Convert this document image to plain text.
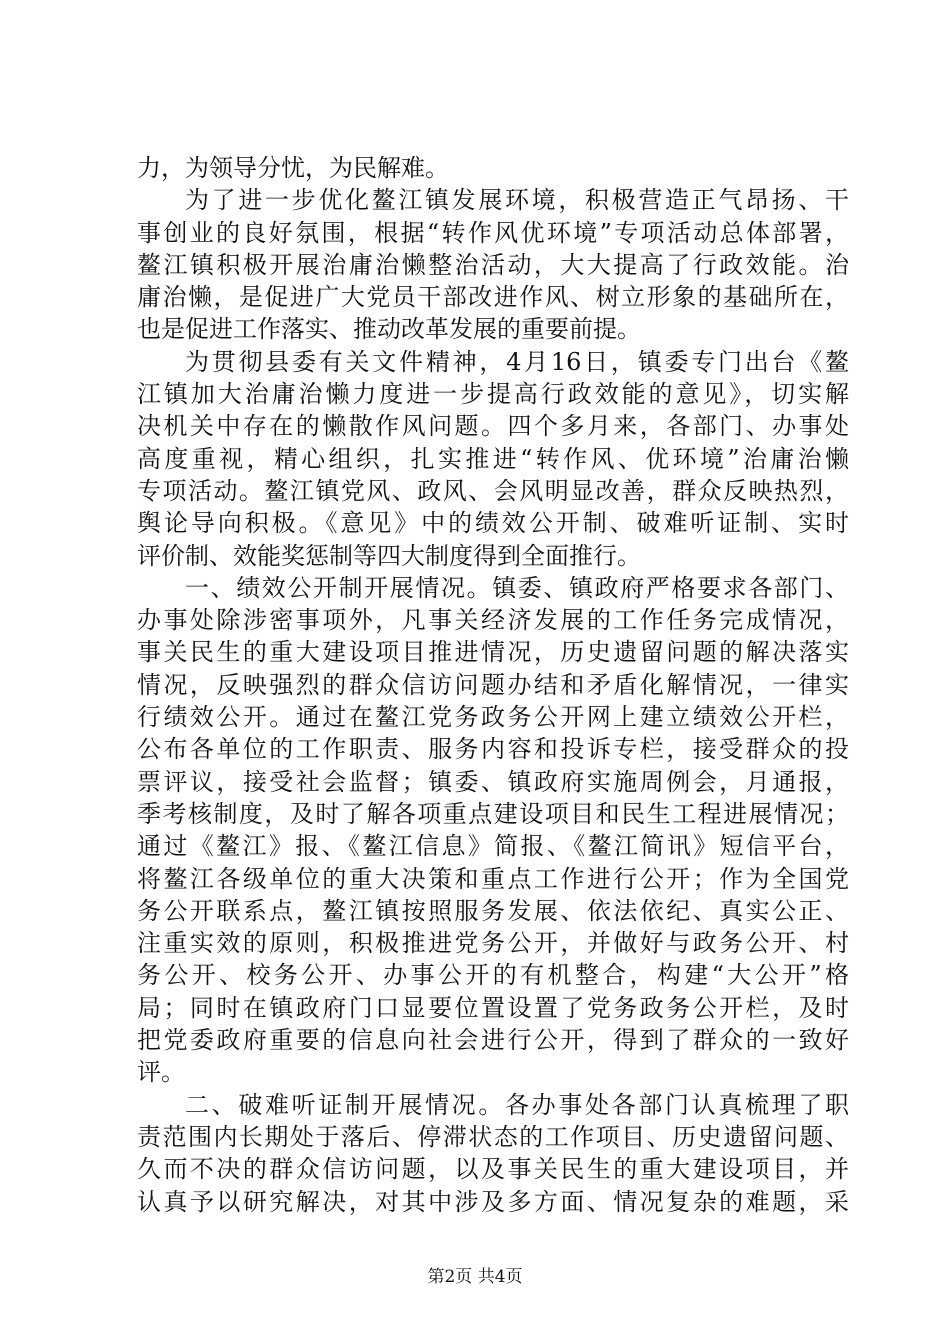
力，为领导分忧，为民解难。
为了进一步优化鳌江镇发展环境，积极营造正气昂扬、干
事创业的良好氛围，根据“转作风优环境”专项活动总体部署，
鳌江镇积极开展治庸治懒整治活动，大大提高了行政效能。治
庸治懒，是促进广大党员干部改进作风、树立形象的基础所在，
也是促进工作落实、推动改革发展的重要前提。
为贯彻县委有关文件精神，4月16日，镇委专门出台《鳌
江镇加大治庸治懒力度进一步提高行政效能的意见》，切实解
决机关中存在的懒散作风问题。四个多月来，各部门、办事处
高度重视，精心组织，扎实推进“转作风、优环境”治庸治懒
专项活动。鳌江镇党风、政风、会风明显改善，群众反映热烈，
舆论导向积极。《意见》中的绩效公开制、破难听证制、实时
评价制、效能奖惩制等四大制度得到全面推行。
一、绩效公开制开展情况。镇委、镇政府严格要求各部门、
办事处除涉密事项外，凡事关经济发展的工作任务完成情况，
事关民生的重大建设项目推进情况，历史遗留问题的解决落实
情况，反映强烈的群众信访问题办结和矛盾化解情况，一律实
行绩效公开。通过在鳌江党务政务公开网上建立绩效公开栏，
公布各单位的工作职责、服务内容和投诉专栏，接受群众的投
票评议，接受社会监督；镇委、镇政府实施周例会，月通报，
季考核制度，及时了解各项重点建设项目和民生工程进展情况；
通过《鳌江》报、《鳌江信息》简报、《鳌江简讯》短信平台，
将鳌江各级单位的重大决策和重点工作进行公开；作为全国党
务公开联系点，鳌江镇按照服务发展、依法依纪、真实公正、
注重实效的原则，积极推进党务公开，并做好与政务公开、村
务公开、校务公开、办事公开的有机整合，构建“大公开”格
局；同时在镇政府门口显要位置设置了党务政务公开栏，及时
把党委政府重要的信息向社会进行公开，得到了群众的一致好
评。
二、破难听证制开展情况。各办事处各部门认真梳理了职
责范围内长期处于落后、停滞状态的工作项目、历史遗留问题、
久而不决的群众信访问题，以及事关民生的重大建设项目，并
认真予以研究解决，对其中涉及多方面、情况复杂的难题，采
第2页 共4页
